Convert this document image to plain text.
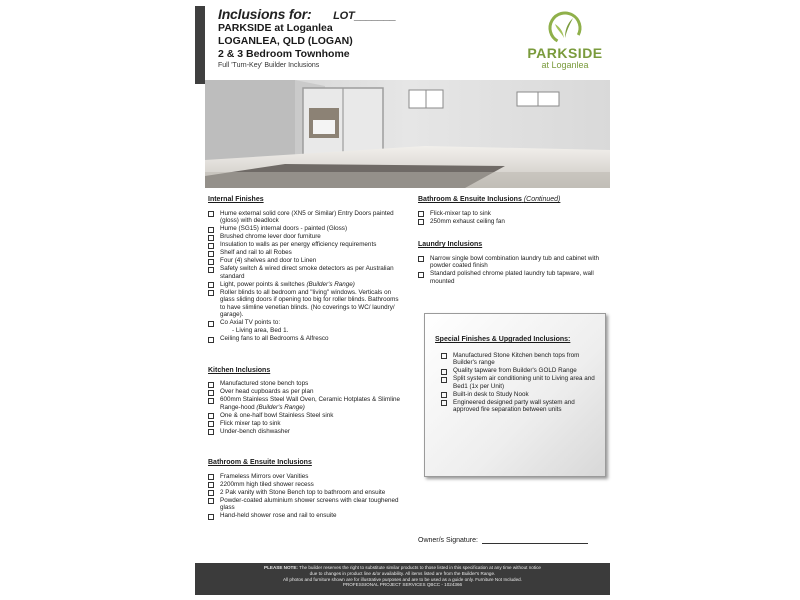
Inclusions for: LOT_______
PARKSIDE at Loganlea
LOGANLEA, QLD (LOGAN)
2 & 3 Bedroom Townhome
Full 'Turn-Key' Builder Inclusions
PARKSIDE
at Loganlea
Internal Finishes
Hume external solid core (XN5 or Similar) Entry Doors painted (gloss) with deadlock
Hume (SG15) internal doors - painted (Gloss)
Brushed chrome lever door furniture
Insulation to walls as per energy efficiency requirements
Shelf and rail to all Robes
Four (4) shelves and door to Linen
Safety switch & wired direct smoke detectors as per Australian standard
Light, power points & switches (Builder's Range)
Roller blinds to all bedroom and "living" windows. Verticals on glass sliding doors if opening too big for roller blinds. Bathrooms to have slimline venetian blinds. (No coverings to WC/ laundry/ garage).
Co Axial TV points to:
- Living area, Bed 1.
Ceiling fans to all Bedrooms & Alfresco
Kitchen Inclusions
Manufactured stone bench tops
Over head cupboards as per plan
600mm Stainless Steel Wall Oven, Ceramic Hotplates & Slimline Range-hood (Builder's Range)
One & one-half bowl Stainless Steel sink
Flick mixer tap to sink
Under-bench dishwasher
Bathroom & Ensuite Inclusions
Frameless Mirrors over Vanities
2200mm high tiled shower recess
2 Pak vanity with Stone Bench top to bathroom and ensuite
Powder-coated aluminium shower screens with clear toughened glass
Hand-held shower rose and rail to ensuite
Bathroom & Ensuite Inclusions (Continued)
Flick-mixer tap to sink
250mm exhaust ceiling fan
Laundry Inclusions
Narrow single bowl combination laundry tub and cabinet with powder coated finish
Standard polished chrome plated laundry tub tapware, wall mounted
Special Finishes & Upgraded Inclusions:
Manufactured Stone Kitchen bench tops from Builder's range
Quality tapware from Builder's GOLD Range
Split system air conditioning unit to Living area and Bed1 (1x per Unit)
Built-in desk to Study Nook
Engineered designed party wall system and approved fire separation between units
Owner/s Signature:
PLEASE NOTE: The builder reserves the right to substitute similar products to those listed in this specification at any time without notice
due to changes in product line &/or availability. All items listed are from the Builder's Range.
All photos and furniture shown are for illustrative purposes and are to be used as a guide only. Furniture Not Included.
PROFESSIONAL PROJECT SERVICES QBCC - 1024366
